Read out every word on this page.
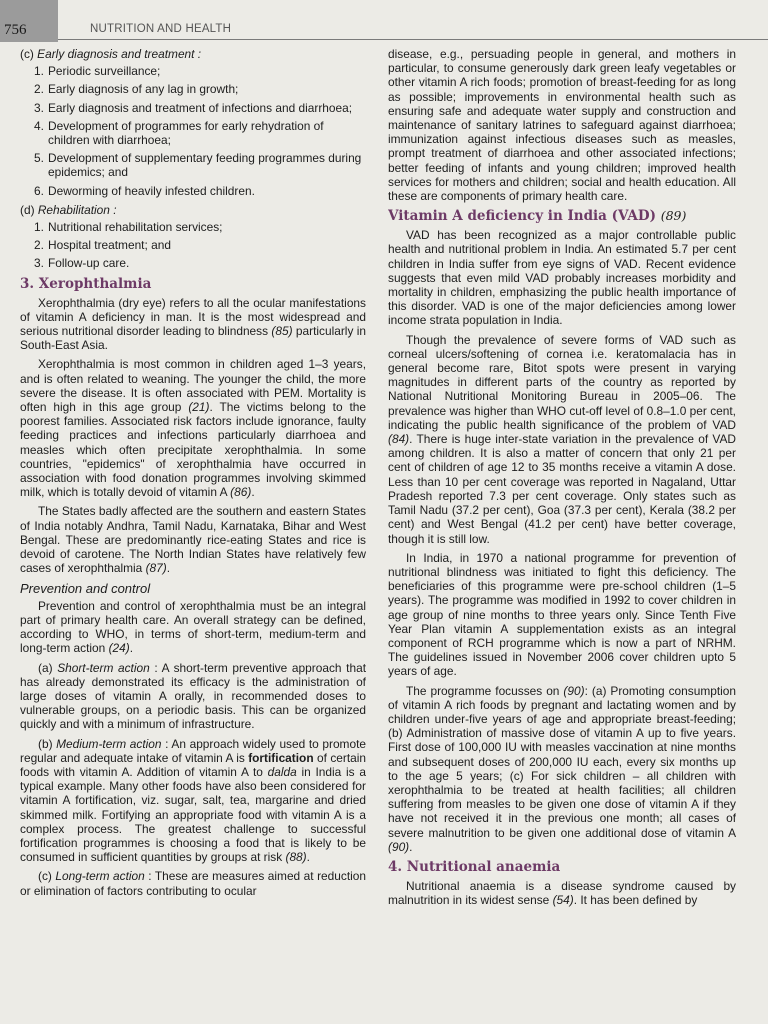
756	NUTRITION AND HEALTH
(c) Early diagnosis and treatment :
1. Periodic surveillance;
2. Early diagnosis of any lag in growth;
3. Early diagnosis and treatment of infections and diarrhoea;
4. Development of programmes for early rehydration of children with diarrhoea;
5. Development of supplementary feeding programmes during epidemics; and
6. Deworming of heavily infested children.
(d) Rehabilitation :
1. Nutritional rehabilitation services;
2. Hospital treatment; and
3. Follow-up care.
3. Xerophthalmia

Xerophthalmia (dry eye) refers to all the ocular manifestations of vitamin A deficiency in man. It is the most widespread and serious nutritional disorder leading to blindness (85) particularly in South-East Asia.

Xerophthalmia is most common in children aged 1–3 years, and is often related to weaning. The younger the child, the more severe the disease. It is often associated with PEM. Mortality is often high in this age group (21). The victims belong to the poorest families. Associated risk factors include ignorance, faulty feeding practices and infections particularly diarrhoea and measles which often precipitate xerophthalmia. In some countries, "epidemics" of xerophthalmia have occurred in association with food donation programmes involving skimmed milk, which is totally devoid of vitamin A (86).

The States badly affected are the southern and eastern States of India notably Andhra, Tamil Nadu, Karnataka, Bihar and West Bengal. These are predominantly rice-eating States and rice is devoid of carotene. The North Indian States have relatively few cases of xerophthalmia (87).

Prevention and control

Prevention and control of xerophthalmia must be an integral part of primary health care. An overall strategy can be defined, according to WHO, in terms of short-term, medium-term and long-term action (24).

(a) Short-term action : A short-term preventive approach that has already demonstrated its efficacy is the administration of large doses of vitamin A orally, in recommended doses to vulnerable groups, on a periodic basis. This can be organized quickly and with a minimum of infrastructure.

(b) Medium-term action : An approach widely used to promote regular and adequate intake of vitamin A is fortification of certain foods with vitamin A. Addition of vitamin A to dalda in India is a typical example. Many other foods have also been considered for vitamin A fortification, viz. sugar, salt, tea, margarine and dried skimmed milk. Fortifying an appropriate food with vitamin A is a complex process. The greatest challenge to successful fortification programmes is choosing a food that is likely to be consumed in sufficient quantities by groups at risk (88).

(c) Long-term action : These are measures aimed at reduction or elimination of factors contributing to ocular

disease, e.g., persuading people in general, and mothers in particular, to consume generously dark green leafy vegetables or other vitamin A rich foods; promotion of breast-feeding for as long as possible; improvements in environmental health such as ensuring safe and adequate water supply and construction and maintenance of sanitary latrines to safeguard against diarrhoea; immunization against infectious diseases such as measles, prompt treatment of diarrhoea and other associated infections; better feeding of infants and young children; improved health services for mothers and children; social and health education. All these are components of primary health care.

Vitamin A deficiency in India (VAD) (89)

VAD has been recognized as a major controllable public health and nutritional problem in India. An estimated 5.7 per cent children in India suffer from eye signs of VAD. Recent evidence suggests that even mild VAD probably increases morbidity and mortality in children, emphasizing the public health importance of this disorder. VAD is one of the major deficiencies among lower income strata population in India.

Though the prevalence of severe forms of VAD such as corneal ulcers/softening of cornea i.e. keratomalacia has in general become rare, Bitot spots were present in varying magnitudes in different parts of the country as reported by National Nutritional Monitoring Bureau in 2005–06. The prevalence was higher than WHO cut-off level of 0.8–1.0 per cent, indicating the public health significance of the problem of VAD (84). There is huge inter-state variation in the prevalence of VAD among children. It is also a matter of concern that only 21 per cent of children of age 12 to 35 months receive a vitamin A dose. Less than 10 per cent coverage was reported in Nagaland, Uttar Pradesh reported 7.3 per cent coverage. Only states such as Tamil Nadu (37.2 per cent), Goa (37.3 per cent), Kerala (38.2 per cent) and West Bengal (41.2 per cent) have better coverage, though it is still low.

In India, in 1970 a national programme for prevention of nutritional blindness was initiated to fight this deficiency. The beneficiaries of this programme were pre-school children (1–5 years). The programme was modified in 1992 to cover children in age group of nine months to three years only. Since Tenth Five Year Plan vitamin A supplementation exists as an integral component of RCH programme which is now a part of NRHM. The guidelines issued in November 2006 cover children upto 5 years of age.

The programme focusses on (90): (a) Promoting consumption of vitamin A rich foods by pregnant and lactating women and by children under-five years of age and appropriate breast-feeding; (b) Administration of massive dose of vitamin A up to five years. First dose of 100,000 IU with measles vaccination at nine months and subsequent doses of 200,000 IU each, every six months up to the age 5 years; (c) For sick children – all children with xerophthalmia to be treated at health facilities; all children suffering from measles to be given one dose of vitamin A if they have not received it in the previous one month; all cases of severe malnutrition to be given one additional dose of vitamin A (90).

4. Nutritional anaemia

Nutritional anaemia is a disease syndrome caused by malnutrition in its widest sense (54). It has been defined by
